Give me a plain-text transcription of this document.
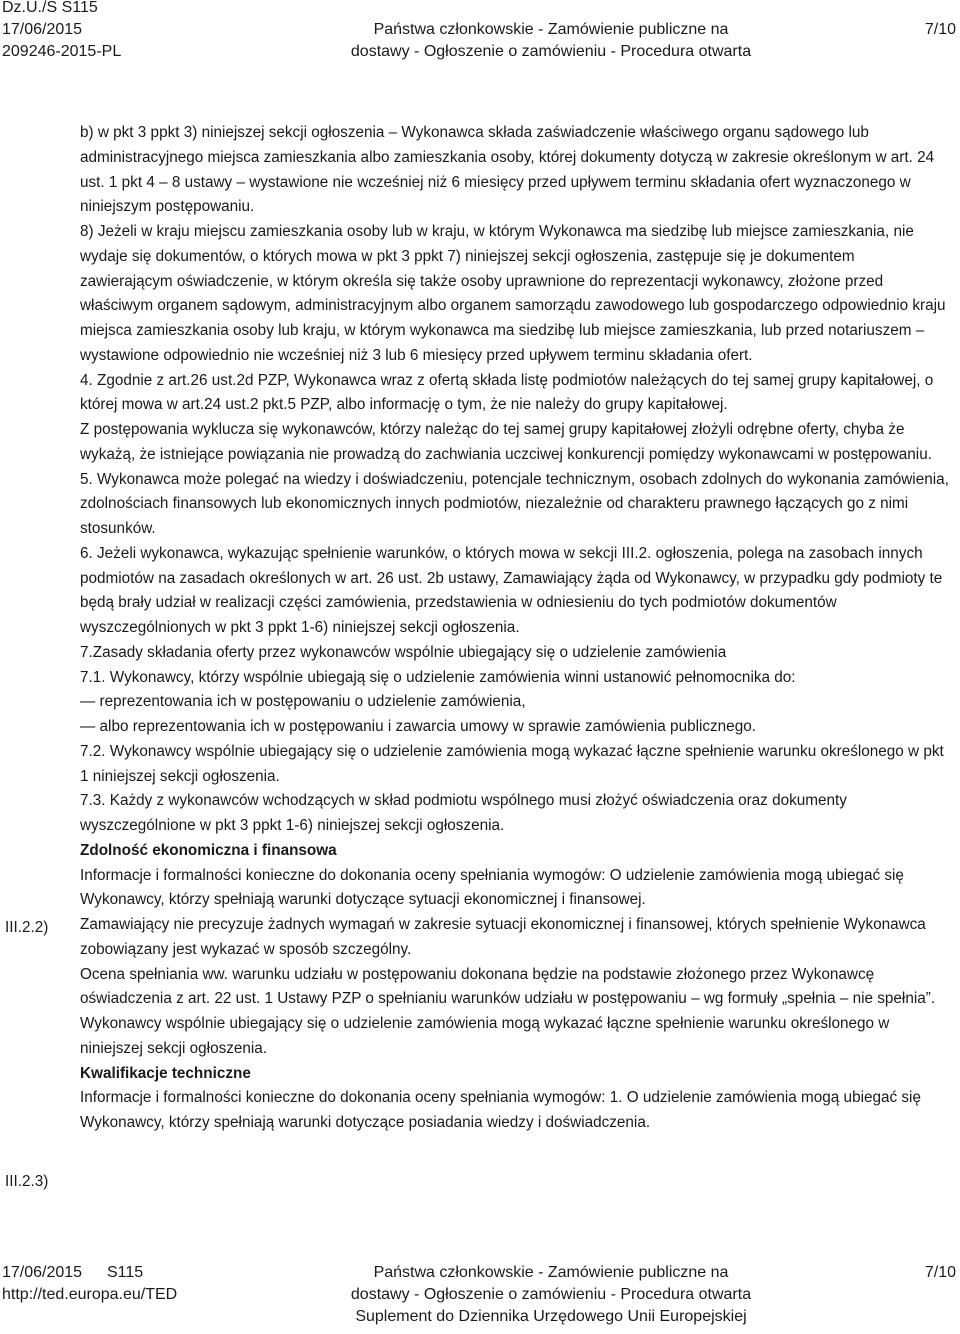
Dz.U./S S115
17/06/2015
209246-2015-PL
Państwa członkowskie - Zamówienie publiczne na
dostawy - Ogłoszenie o zamówieniu - Procedura otwarta
7/10
III.2.2)
III.2.3)

b) w pkt 3 ppkt 3) niniejszej sekcji ogłoszenia – Wykonawca składa zaświadczenie właściwego organu sądowego lub administracyjnego miejsca zamieszkania albo zamieszkania osoby, której dokumenty dotyczą w zakresie określonym w art. 24 ust. 1 pkt 4 – 8 ustawy – wystawione nie wcześniej niż 6 miesięcy przed upływem terminu składania ofert wyznaczonego w niniejszym postępowaniu.

8) Jeżeli w kraju miejscu zamieszkania osoby lub w kraju, w którym Wykonawca ma siedzibę lub miejsce zamieszkania, nie wydaje się dokumentów, o których mowa w pkt 3 ppkt 7) niniejszej sekcji ogłoszenia, zastępuje się je dokumentem zawierającym oświadczenie, w którym określa się także osoby uprawnione do reprezentacji wykonawcy, złożone przed właściwym organem sądowym, administracyjnym albo organem samorządu zawodowego lub gospodarczego odpowiednio kraju miejsca zamieszkania osoby lub kraju, w którym wykonawca ma siedzibę lub miejsce zamieszkania, lub przed notariuszem – wystawione odpowiednio nie wcześniej niż 3 lub 6 miesięcy przed upływem terminu składania ofert.

4. Zgodnie z art.26 ust.2d PZP, Wykonawca wraz z ofertą składa listę podmiotów należących do tej samej grupy kapitałowej, o której mowa w art.24 ust.2 pkt.5 PZP, albo informację o tym, że nie należy do grupy kapitałowej.

Z postępowania wyklucza się wykonawców, którzy należąc do tej samej grupy kapitałowej złożyli odrębne oferty, chyba że wykażą, że istniejące powiązania nie prowadzą do zachwiania uczciwej konkurencji pomiędzy wykonawcami w postępowaniu.

5. Wykonawca może polegać na wiedzy i doświadczeniu, potencjale technicznym, osobach zdolnych do wykonania zamówienia, zdolnościach finansowych lub ekonomicznych innych podmiotów, niezależnie od charakteru prawnego łączących go z nimi stosunków.

6. Jeżeli wykonawca, wykazując spełnienie warunków, o których mowa w sekcji III.2. ogłoszenia, polega na zasobach innych podmiotów na zasadach określonych w art. 26 ust. 2b ustawy, Zamawiający żąda od Wykonawcy, w przypadku gdy podmioty te będą brały udział w realizacji części zamówienia, przedstawienia w odniesieniu do tych podmiotów dokumentów wyszczególnionych w pkt 3 ppkt 1-6) niniejszej sekcji ogłoszenia.

7.Zasady składania oferty przez wykonawców wspólnie ubiegający się o udzielenie zamówienia

7.1. Wykonawcy, którzy wspólnie ubiegają się o udzielenie zamówienia winni ustanowić pełnomocnika do:

— reprezentowania ich w postępowaniu o udzielenie zamówienia,

— albo reprezentowania ich w postępowaniu i zawarcia umowy w sprawie zamówienia publicznego.

7.2. Wykonawcy wspólnie ubiegający się o udzielenie zamówienia mogą wykazać łączne spełnienie warunku określonego w pkt 1 niniejszej sekcji ogłoszenia.

7.3. Każdy z wykonawców wchodzących w skład podmiotu wspólnego musi złożyć oświadczenia oraz dokumenty wyszczególnione w pkt 3 ppkt 1-6) niniejszej sekcji ogłoszenia.

Zdolność ekonomiczna i finansowa

Informacje i formalności konieczne do dokonania oceny spełniania wymogów: O udzielenie zamówienia mogą ubiegać się Wykonawcy, którzy spełniają warunki dotyczące sytuacji ekonomicznej i finansowej.

Zamawiający nie precyzuje żadnych wymagań w zakresie sytuacji ekonomicznej i finansowej, których spełnienie Wykonawca zobowiązany jest wykazać w sposób szczególny.

Ocena spełniania ww. warunku udziału w postępowaniu dokonana będzie na podstawie złożonego przez Wykonawcę oświadczenia z art. 22 ust. 1 Ustawy PZP o spełnianiu warunków udziału w postępowaniu – wg formuły „spełnia – nie spełnia”.

Wykonawcy wspólnie ubiegający się o udzielenie zamówienia mogą wykazać łączne spełnienie warunku określonego w niniejszej sekcji ogłoszenia.

Kwalifikacje techniczne

Informacje i formalności konieczne do dokonania oceny spełniania wymogów: 1. O udzielenie zamówienia mogą ubiegać się Wykonawcy, którzy spełniają warunki dotyczące posiadania wiedzy i doświadczenia.

17/06/2015 S115
http://ted.europa.eu/TED
Państwa członkowskie - Zamówienie publiczne na
dostawy - Ogłoszenie o zamówieniu - Procedura otwarta
Suplement do Dziennika Urzędowego Unii Europejskiej
7/10
